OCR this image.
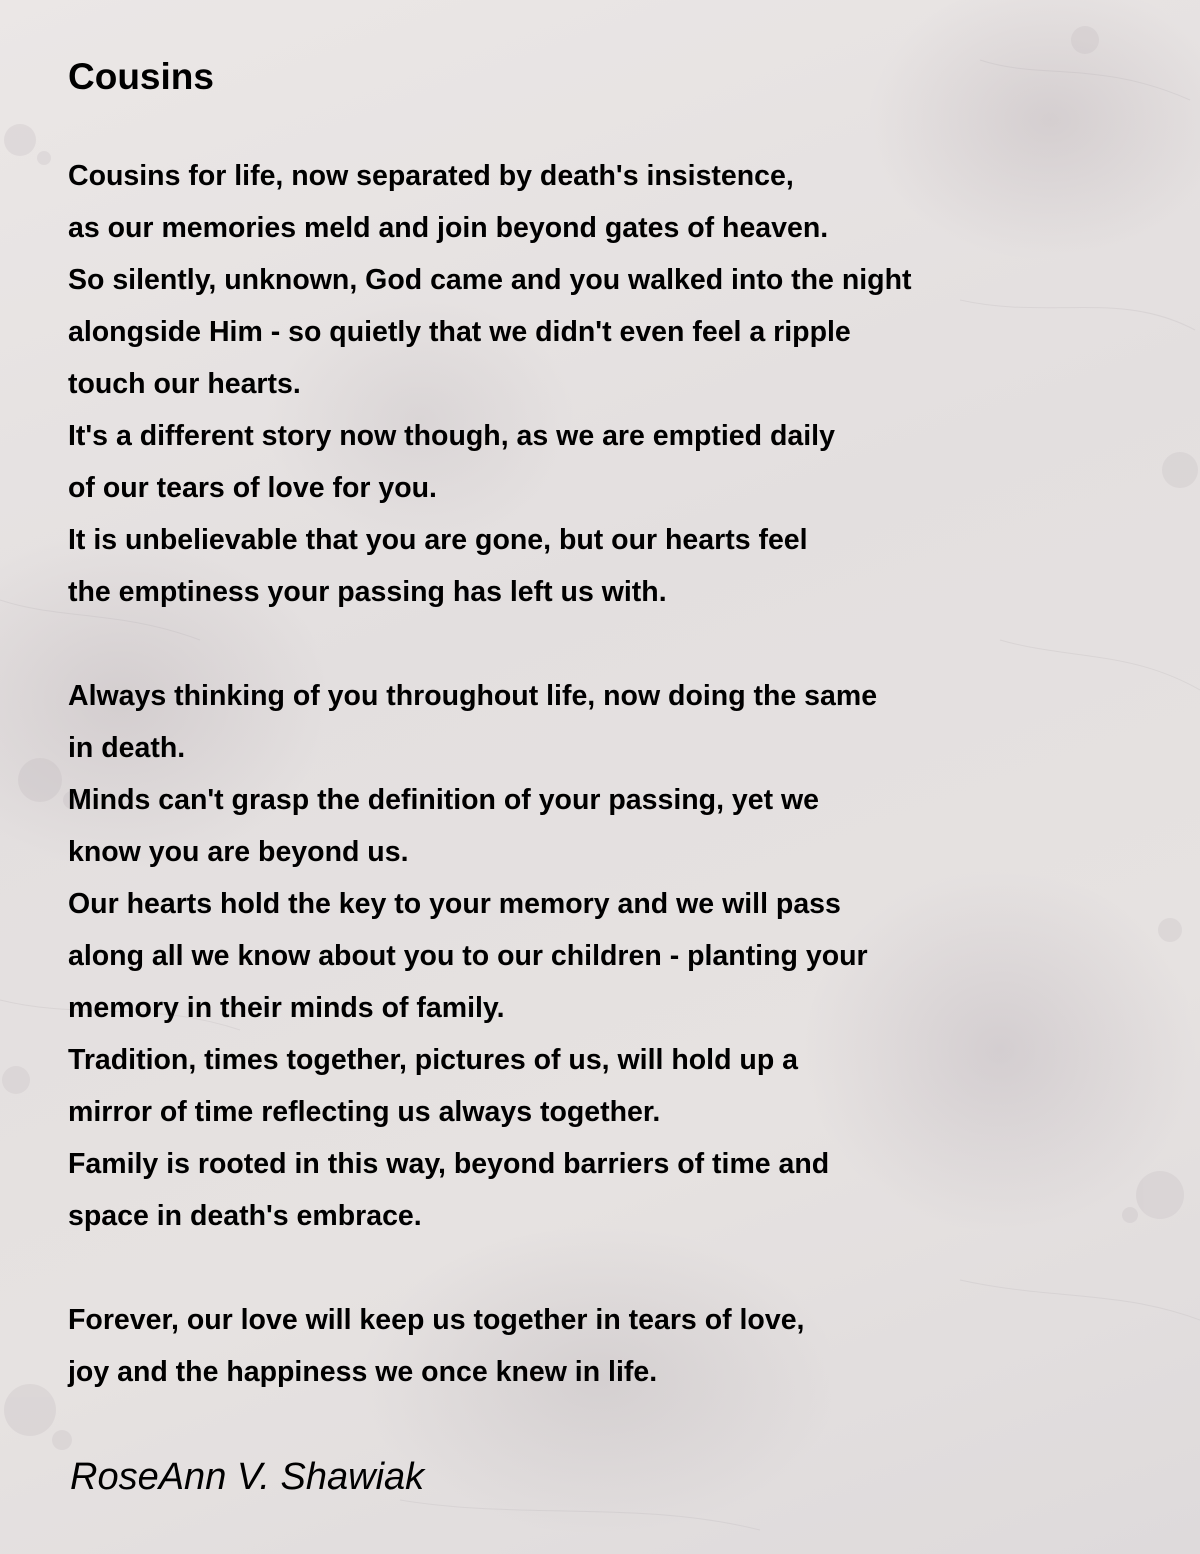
Cousins
Cousins for life, now separated by death's insistence,
as our memories meld and join beyond gates of heaven.
So silently, unknown, God came and you walked into the night
alongside Him - so quietly that we didn't even feel a ripple
touch our hearts.
It's a different story now though, as we are emptied daily
of our tears of love for you.
It is unbelievable that you are gone, but our hearts feel
the emptiness your passing has left us with.
Always thinking of you throughout life, now doing the same
in death.
Minds can't grasp the definition of your passing, yet we
know you are beyond us.
Our hearts hold the key to your memory and we will pass
along all we know about you to our children - planting your
memory in their minds of family.
Tradition, times together, pictures of us, will hold up a
mirror of time reflecting us always together.
Family is rooted in this way, beyond barriers of time and
space in death's embrace.
Forever, our love will keep us together in tears of love,
joy and the happiness we once knew in life.
RoseAnn V. Shawiak
